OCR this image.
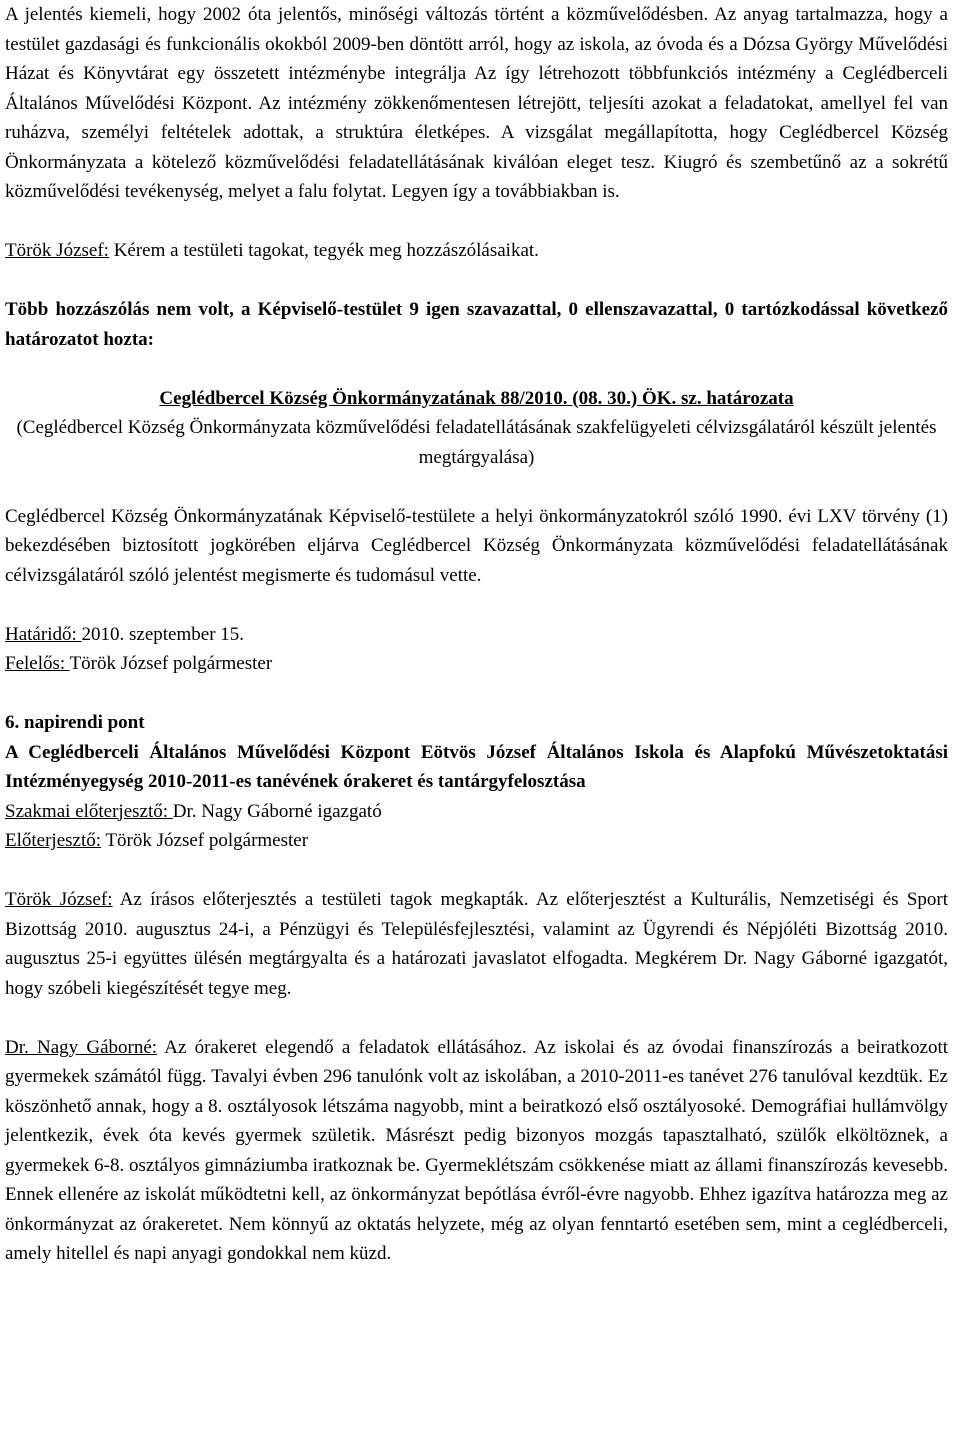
A jelentés kiemeli, hogy 2002 óta jelentős, minőségi változás történt a közművelődésben. Az anyag tartalmazza, hogy a testület gazdasági és funkcionális okokból 2009-ben döntött arról, hogy az iskola, az óvoda és a Dózsa György Művelődési Házat és Könyvtárat egy összetett intézménybe integrálja Az így létrehozott többfunkciós intézmény a Ceglédberceli Általános Művelődési Központ. Az intézmény zökkenőmentesen létrejött, teljesíti azokat a feladatokat, amellyel fel van ruházva, személyi feltételek adottak, a struktúra életképes. A vizsgálat megállapította, hogy Ceglédbercel Község Önkormányzata a kötelező közművelődési feladatellátásának kiválóan eleget tesz. Kiugró és szembetűnő az a sokrétű közművelődési tevékenység, melyet a falu folytat. Legyen így a továbbiakban is.

Török József: Kérem a testületi tagokat, tegyék meg hozzászólásaikat.

Több hozzászólás nem volt, a Képviselő-testület 9 igen szavazattal, 0 ellenszavazattal, 0 tartózkodással következő határozatot hozta:

Ceglédbercel Község Önkormányzatának 88/2010. (08. 30.) ÖK. sz. határozata
(Ceglédbercel Község Önkormányzata közművelődési feladatellátásának szakfelügyeleti célvizsgálatáról készült jelentés megtárgyalása)

Ceglédbercel Község Önkormányzatának Képviselő-testülete a helyi önkormányzatokról szóló 1990. évi LXV törvény (1) bekezdésében biztosított jogkörében eljárva Ceglédbercel Község Önkormányzata közművelődési feladatellátásának célvizsgálatáról szóló jelentést megismerte és tudomásul vette.

Határidő: 2010. szeptember 15.
Felelős: Török József polgármester
6. napirendi pont

A Ceglédberceli Általános Művelődési Központ Eötvös József Általános Iskola és Alapfokú Művészetoktatási Intézményegység 2010-2011-es tanévének órakeret és tantárgyfelosztása

Szakmai előterjesztő: Dr. Nagy Gáborné igazgató
Előterjesztő: Török József polgármester

Török József: Az írásos előterjesztés a testületi tagok megkapták. Az előterjesztést a Kulturális, Nemzetiségi és Sport Bizottság 2010. augusztus 24-i, a Pénzügyi és Településfejlesztési, valamint az Ügyrendi és Népjóléti Bizottság 2010. augusztus 25-i együttes ülésén megtárgyalta és a határozati javaslatot elfogadta. Megkérem Dr. Nagy Gáborné igazgatót, hogy szóbeli kiegészítését tegye meg.

Dr. Nagy Gáborné: Az órakeret elegendő a feladatok ellátásához. Az iskolai és az óvodai finanszírozás a beiratkozott gyermekek számától függ. Tavalyi évben 296 tanulónk volt az iskolában, a 2010-2011-es tanévet 276 tanulóval kezdtük. Ez köszönhető annak, hogy a 8. osztályosok létszáma nagyobb, mint a beiratkozó első osztályosoké. Demográfiai hullámvölgy jelentkezik, évek óta kevés gyermek születik. Másrészt pedig bizonyos mozgás tapasztalható, szülők elköltöznek, a gyermekek 6-8. osztályos gimnáziumba iratkoznak be. Gyermeklétszám csökkenése miatt az állami finanszírozás kevesebb. Ennek ellenére az iskolát működtetni kell, az önkormányzat bepótlása évről-évre nagyobb. Ehhez igazítva határozza meg az önkormányzat az órakeretet. Nem könnyű az oktatás helyzete, még az olyan fenntartó esetében sem, mint a ceglédberceli, amely hitellel és napi anyagi gondokkal nem küzd.
